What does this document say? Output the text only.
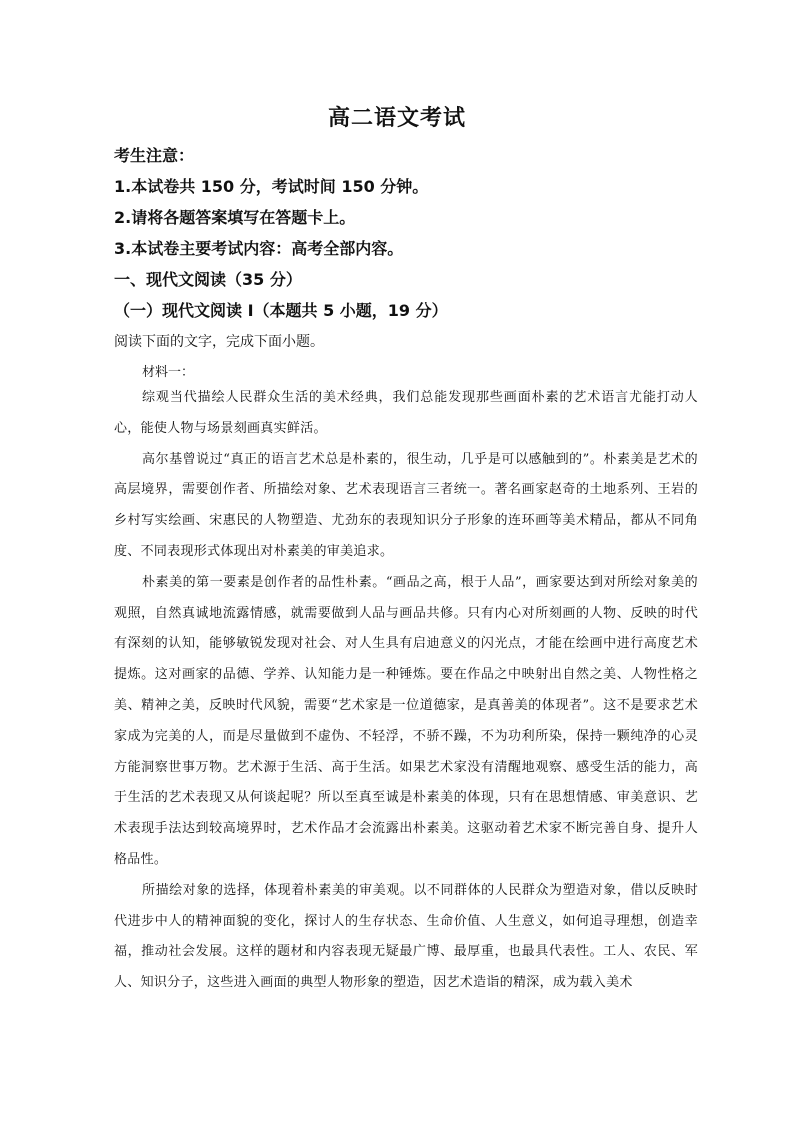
高二语文考试
考生注意：
1.本试卷共 150 分，考试时间 150 分钟。
2.请将各题答案填写在答题卡上。
3.本试卷主要考试内容：高考全部内容。
一、现代文阅读（35 分）
（一）现代文阅读 I（本题共 5 小题，19 分）
阅读下面的文字，完成下面小题。
材料一：

综观当代描绘人民群众生活的美术经典，我们总能发现那些画面朴素的艺术语言尤能打动人心，能使人物与场景刻画真实鲜活。

高尔基曾说过“真正的语言艺术总是朴素的，很生动，几乎是可以感触到的”。朴素美是艺术的高层境界，需要创作者、所描绘对象、艺术表现语言三者统一。著名画家赵奇的土地系列、王岩的乡村写实绘画、宋惠民的人物塑造、尤劲东的表现知识分子形象的连环画等美术精品，都从不同角度、不同表现形式体现出对朴素美的审美追求。

朴素美的第一要素是创作者的品性朴素。“画品之高，根于人品”，画家要达到对所绘对象美的观照，自然真诚地流露情感，就需要做到人品与画品共修。只有内心对所刻画的人物、反映的时代有深刻的认知，能够敏锐发现对社会、对人生具有启迪意义的闪光点，才能在绘画中进行高度艺术提炼。这对画家的品德、学养、认知能力是一种锤炼。要在作品之中映射出自然之美、人物性格之美、精神之美，反映时代风貌，需要“艺术家是一位道德家，是真善美的体现者”。这不是要求艺术家成为完美的人，而是尽量做到不虚伪、不轻浮，不骄不躁，不为功利所染，保持一颗纯净的心灵方能洞察世事万物。艺术源于生活、高于生活。如果艺术家没有清醒地观察、感受生活的能力，高于生活的艺术表现又从何谈起呢？所以至真至诚是朴素美的体现，只有在思想情感、审美意识、艺术表现手法达到较高境界时，艺术作品才会流露出朴素美。这驱动着艺术家不断完善自身、提升人格品性。

所描绘对象的选择，体现着朴素美的审美观。以不同群体的人民群众为塑造对象，借以反映时代进步中人的精神面貌的变化，探讨人的生存状态、生命价值、人生意义，如何追寻理想，创造幸福，推动社会发展。这样的题材和内容表现无疑最广博、最厚重，也最具代表性。工人、农民、军人、知识分子，这些进入画面的典型人物形象的塑造，因艺术造诣的精深，成为载入美术
